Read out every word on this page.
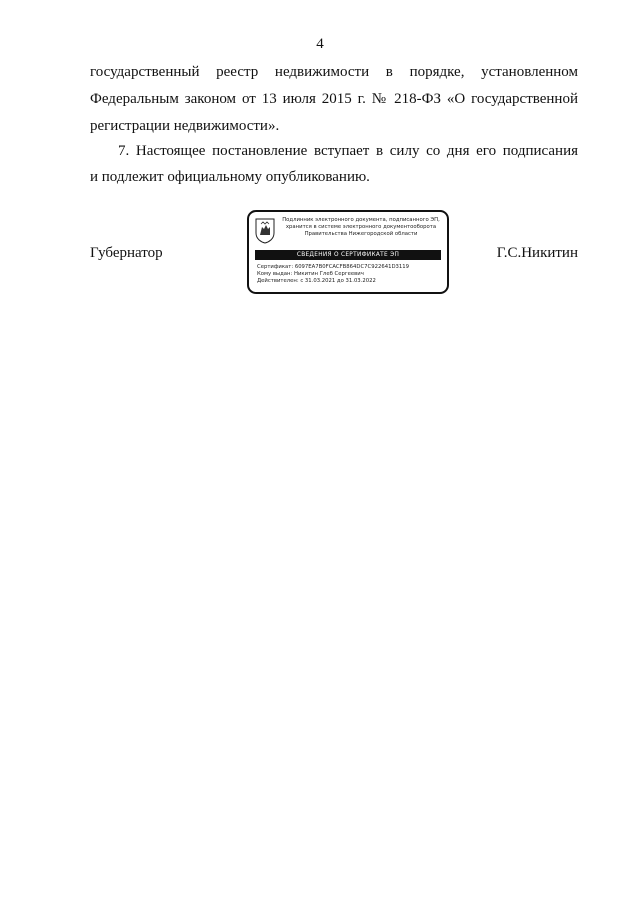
4
государственный реестр недвижимости в порядке, установленном
Федеральным законом от 13 июля 2015 г. № 218-ФЗ «О государственной
регистрации недвижимости».
7. Настоящее постановление вступает в силу со дня его подписания
и подлежит официальному опубликованию.
Губернатор
Подлинник электронного документа, подписанного ЭП,
хранится в системе электронного документооборота
Правительства Нижегородской области
СВЕДЕНИЯ О СЕРТИФИКАТЕ ЭП
Сертификат: 6097EA7B0FCACFB864DC7C922641D3119
Кому выдан: Никитин Глеб Сергеевич
Действителен: с 31.03.2021 до 31.03.2022
Г.С.Никитин
